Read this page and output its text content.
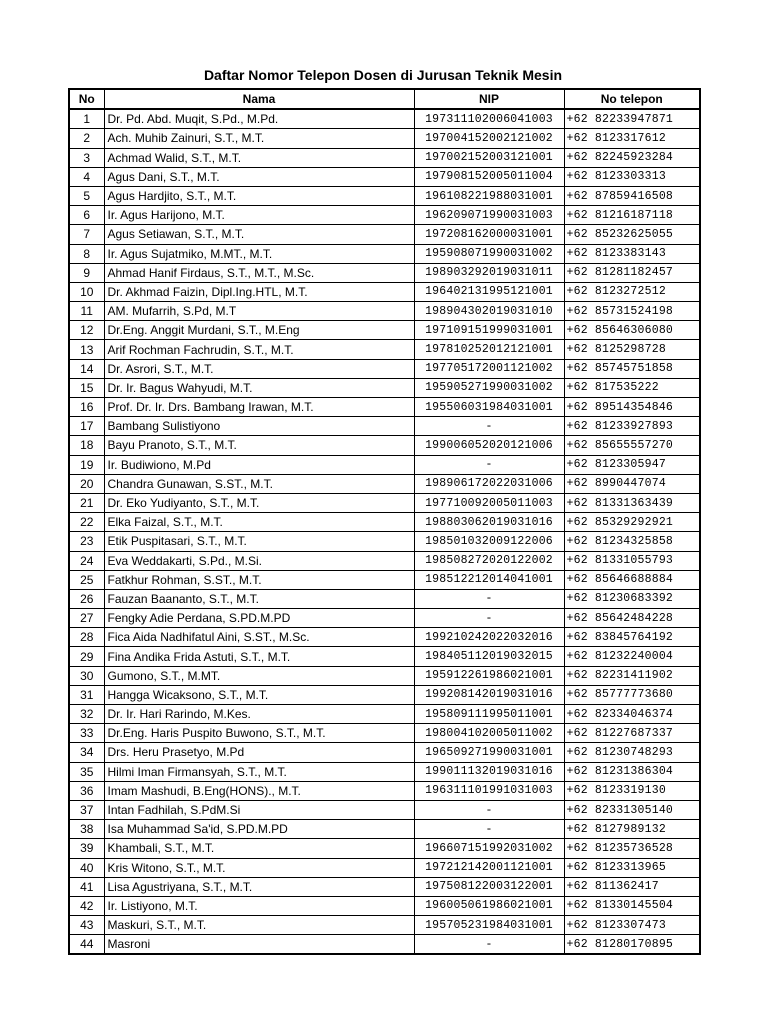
Daftar Nomor Telepon Dosen di Jurusan Teknik Mesin
No	Nama	NIP	No telepon
1	Dr. Pd. Abd. Muqit, S.Pd., M.Pd.	197311102006041003	+62 82233947871
2	Ach. Muhib Zainuri, S.T., M.T.	197004152002121002	+62 8123317612
3	Achmad Walid, S.T., M.T.	197002152003121001	+62 82245923284
4	Agus Dani, S.T., M.T.	197908152005011004	+62 8123303313
5	Agus Hardjito, S.T., M.T.	196108221988031001	+62 87859416508
6	Ir. Agus Harijono, M.T.	196209071990031003	+62 81216187118
7	Agus Setiawan, S.T., M.T.	197208162000031001	+62 85232625055
8	Ir. Agus Sujatmiko, M.MT., M.T.	195908071990031002	+62 8123383143
9	Ahmad Hanif Firdaus, S.T., M.T., M.Sc.	198903292019031011	+62 81281182457
10	Dr. Akhmad Faizin, Dipl.Ing.HTL, M.T.	196402131995121001	+62 8123272512
11	AM. Mufarrih, S.Pd, M.T	198904302019031010	+62 85731524198
12	Dr.Eng. Anggit Murdani, S.T., M.Eng	197109151999031001	+62 85646306080
13	Arif Rochman Fachrudin, S.T., M.T.	197810252012121001	+62 8125298728
14	Dr. Asrori, S.T., M.T.	197705172001121002	+62 85745751858
15	Dr. Ir. Bagus Wahyudi, M.T.	195905271990031002	+62 817535222
16	Prof. Dr. Ir. Drs. Bambang Irawan, M.T.	195506031984031001	+62 89514354846
17	Bambang Sulistiyono	-	+62 81233927893
18	Bayu Pranoto, S.T., M.T.	199006052020121006	+62 85655557270
19	Ir. Budiwiono, M.Pd	-	+62 8123305947
20	Chandra Gunawan, S.ST., M.T.	198906172022031006	+62 8990447074
21	Dr. Eko Yudiyanto, S.T., M.T.	197710092005011003	+62 81331363439
22	Elka Faizal, S.T., M.T.	198803062019031016	+62 85329292921
23	Etik Puspitasari, S.T., M.T.	198501032009122006	+62 81234325858
24	Eva Weddakarti, S.Pd., M.Si.	198508272020122002	+62 81331055793
25	Fatkhur Rohman, S.ST., M.T.	198512212014041001	+62 85646688884
26	Fauzan Baananto, S.T., M.T.	-	+62 81230683392
27	Fengky Adie Perdana, S.PD.M.PD	-	+62 85642484228
28	Fica Aida Nadhifatul Aini, S.ST., M.Sc.	199210242022032016	+62 83845764192
29	Fina Andika Frida Astuti, S.T., M.T.	198405112019032015	+62 81232240004
30	Gumono, S.T., M.MT.	195912261986021001	+62 82231411902
31	Hangga Wicaksono, S.T., M.T.	199208142019031016	+62 85777773680
32	Dr. Ir. Hari Rarindo, M.Kes.	195809111995011001	+62 82334046374
33	Dr.Eng. Haris Puspito Buwono, S.T., M.T.	198004102005011002	+62 81227687337
34	Drs. Heru Prasetyo, M.Pd	196509271990031001	+62 81230748293
35	Hilmi Iman Firmansyah, S.T., M.T.	199011132019031016	+62 81231386304
36	Imam Mashudi, B.Eng(HONS)., M.T.	196311101991031003	+62 8123319130
37	Intan Fadhilah, S.PdM.Si	-	+62 82331305140
38	Isa Muhammad Sa'id, S.PD.M.PD	-	+62 8127989132
39	Khambali, S.T., M.T.	196607151992031002	+62 81235736528
40	Kris Witono, S.T., M.T.	197212142001121001	+62 8123313965
41	Lisa Agustriyana, S.T., M.T.	197508122003122001	+62 811362417
42	Ir. Listiyono, M.T.	196005061986021001	+62 81330145504
43	Maskuri, S.T., M.T.	195705231984031001	+62 8123307473
44	Masroni	-	+62 81280170895
